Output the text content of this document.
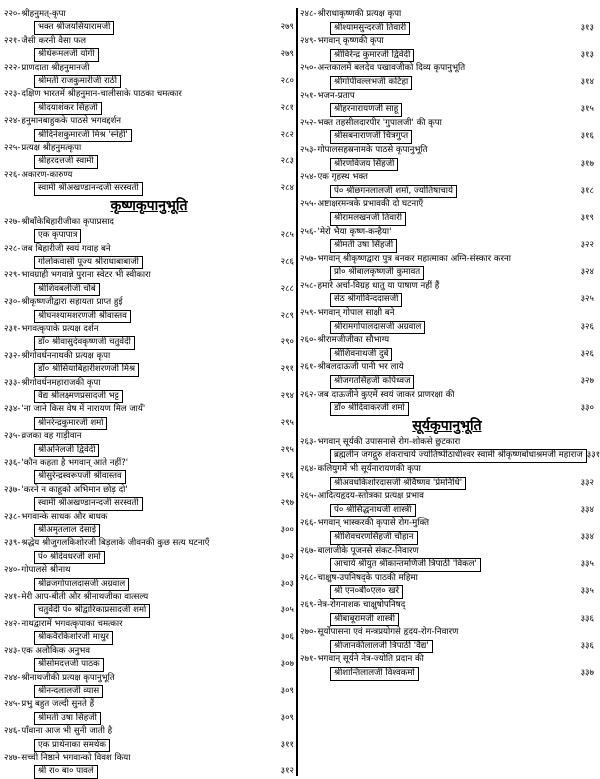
२२०- श्रीहनुमत्-कृपा
भक्त श्रीजयसियारामजी	२७९
२२१- जैसी करनी वैसा फल
श्रीधेरूमलजी योगी	२७९
२२२- प्राणदाता श्रीहनुमानजी
श्रीमती राजकुमारीजी राठी	२८०
२२३- दक्षिण भारतमें श्रीहनुमान-चालीसाके पाठका चमत्कार
श्रीदयाशंकर सिंहजी	२८१
२२४- हनुमानबाहुकके पाठसे भगवद्दर्शन
श्रीदिनेशकुमारजी मिश्र 'स्नेही'	२८२
२२५- प्रत्यक्ष श्रीहनुमत्कृपा
श्रीहरदत्तजी स्वामी	२८३
२२६- अकारण-कारुण्य
स्वामी श्रीअखण्डानन्दजी सरस्वती	२८४
कृष्णकृपानुभूति
२२७- श्रीबाँकेबिहारीजीका कृपाप्रसाद
एक कृपापात्र	२८५
२२८- जब बिहारीजी स्वयं गवाह बने
गोलोकवासी पूज्य श्रीराधाबाबाजी	२८६
२२९- भावग्राही भगवान्ने पुराना स्वेटर भी स्वीकारा
श्रीशिवबलीजी चौबे	२८८
२३०- श्रीकृष्णजीद्वारा सहायता प्राप्त हुई
श्रीघनश्यामशरणजी श्रीवास्तव	२८९
२३१- भगवत्कृपाके प्रत्यक्ष दर्शन
डॉ० श्रीवासुदेवकृष्णजी चतुर्वेदी	२९०
२३२- श्रीगोवर्धननाथकी प्रत्यक्ष कृपा
डॉ० श्रीसियाबिहारीशरणजी मिश्र	२९१
२३३- श्रीगोवर्धनमहाराजकी कृपा
वैद्य श्रीलक्ष्मणप्रसादजी भट्ट	२९४
२३४- 'ना जाने किस वेष में नारायण मिल जायँ'
श्रीनरेन्द्रकुमारजी शर्मा	२९५
२३५- व्रजका वह गाड़ीवान
श्रीअनिलजी द्विवेदी	२९५
२३६- 'कौन कहता है भगवान् आते नहीं?'
श्रीसुरेन्द्रस्वरूपजी श्रीवास्तव	२९६
२३७- 'करने न काहूको अभिमान छोड़ दो'
स्वामी श्रीअखण्डानन्दजी सरस्वती	२९७
२३८- भगवान्के साधक और बाधक
श्रीअमृतलाल देसाई	३००
२३९- श्रद्धेय श्रीजुगलकिशोरजी बिड़लाके जीवनकी कुछ सत्य घटनाएँ
पं० श्रीदेवधरजी शर्मा	३०२
२४०- गोपालसे श्रीनाथ
श्रीव्रजगोपालदासजी अग्रवाल	३०३
२४१- मेरी आप-बीती और श्रीनाथजीका वात्सल्य
चतुर्वेदी पं० श्रीद्वारिकाप्रसादजी शर्मा	३०५
२४२- नाथद्वारामें भगवत्कृपाका चमत्कार
श्रीकवैरकिशोरजी माथुर	३०६
२४३- एक अलौकिक अनुभव
श्रीसोमदत्तजी पाठक	३०७
२४४- श्रीनाथजीकी प्रत्यक्ष कृपानुभूति
श्रीनन्दलालजी व्यास	३०९
२४५- प्रभु बहुत जल्दी सुनते हैं
श्रीमती उषा सिंहजी	३०९
२४६- पाँवाना आज भी सुनी जाती है
एक प्रार्थनाका समर्थक	३११
२४७- सच्ची निष्ठाने भगवान्को विवश किया
श्री रा० बा० पावले	३१२
२४८- श्रीराधाकृष्णकी प्रत्यक्ष कृपा
श्रीश्यामसुन्दरजी तिवारी	३१३
२४९- भगवान् कृष्णकी कृपा
श्रीविरेन्द्र कुमारजी द्विवेदी	३१३
२५०- अन्तकालमें बलदेव पखावजीको दिव्य कृपानुभूति
श्रीगोपीवल्लभजी कटिहा	३१४
२५१- भजन-प्रताप
श्रीहरनारायणजी साहू	३१५
२५२- भक्त तहसीलदारपीर 'गुपालजी' की कृपा
श्रीसबनाराणजी चित्रगुप्त	३१६
२५३- गोपालसहस्रनामके पाठसे कृपानुभूति
श्रीरणविजय सिंहजी	३१७
२५४- एक गृहस्थ भक्त
पं० श्रीछगनलालजी शर्मा, ज्योतिषाचार्य	३१८
२५५- अष्टाक्षरमन्त्रके प्रभावकी दो घटनाएँ
श्रीरामलखनजी तिवारी	३१९
२५६- 'मेरो भैया कृष्ण-कन्हैया'
श्रीमती उषा सिंहजी	३२२
२५७- भगवान् श्रीकृष्णद्वारा पुत्र बनकर महात्माका अग्नि-संस्कार करना
प्रो० श्रीबालकृष्णजी कुमावत	३२४
२५८- हमारे अर्चा-विग्रह धातु या पाषाण नहीं हैं
सेठ श्रीगोविन्ददासजी	३२५
२५९- भगवान् गोपाल साक्षी बने
श्रीरामगोपालदासजी अग्रवाल	३२६
२६०- श्रीरामजीजीका सौभाग्य
श्रीशिवनाथजी दुबे	३२६
२६१- श्रीबलदाऊजी पानी भर लाये
श्रीजगतसिंहजी कपिध्वज	३२७
२६२- जब दाऊजीने कुएमें स्वयं जाकर प्राणरक्षा की
डॉ० श्रीदिवाकरजी शर्मा	३३०
सूर्यकृपानुभूति
२६३- भगवान् सूर्यकी उपासनासे रोग-शोकसे छुटकारा
ब्रह्मलीन जगद्गुरु शंकराचार्य ज्योतिष्पीठाधीश्वर स्वामी श्रीकृष्णबोधाश्रमजी महाराज ३३१
२६४- कलियुगमें भी सूर्यनारायणकी कृपा
श्रीअवधकिशोरदासजी श्रीवैष्णव 'प्रेमनिधि'	३३२
२६५- आदित्यहृदय-स्तोत्रका प्रत्यक्ष प्रभाव
पं० श्रीसिद्धनाथजी शास्त्री	३३४
२६६- भगवान् भास्करकी कृपासे रोग-मुक्ति
श्रीशिवचरणसिंहजी चौहान	३३४
२६७- बालाजीके पूजनसे संकट-निवारण
आचार्य श्रीयुत श्रीकान्तमणिजी त्रिपाठी 'विकल'	३३५
२६८- चाक्षुष-उपनिषद्के पाठकी महिमा
श्री एन०बी०एल० खरे	३३५
२६९- नेत्र-रोगनाशक चाक्षुषोपनिषद्
श्रीबाबूरामजी शास्त्री	३३६
२७०- सूर्योपासना एवं मन्त्रप्रयोगसे हृदय-रोग-निवारण
श्रीजानकीलालजी त्रिपाठी 'वैद्य'	३३६
२७१- भगवान् सूर्यने नेत्र-ज्योति प्रदान की
श्रीशान्तिलालजी विश्वकर्मा	३३७
